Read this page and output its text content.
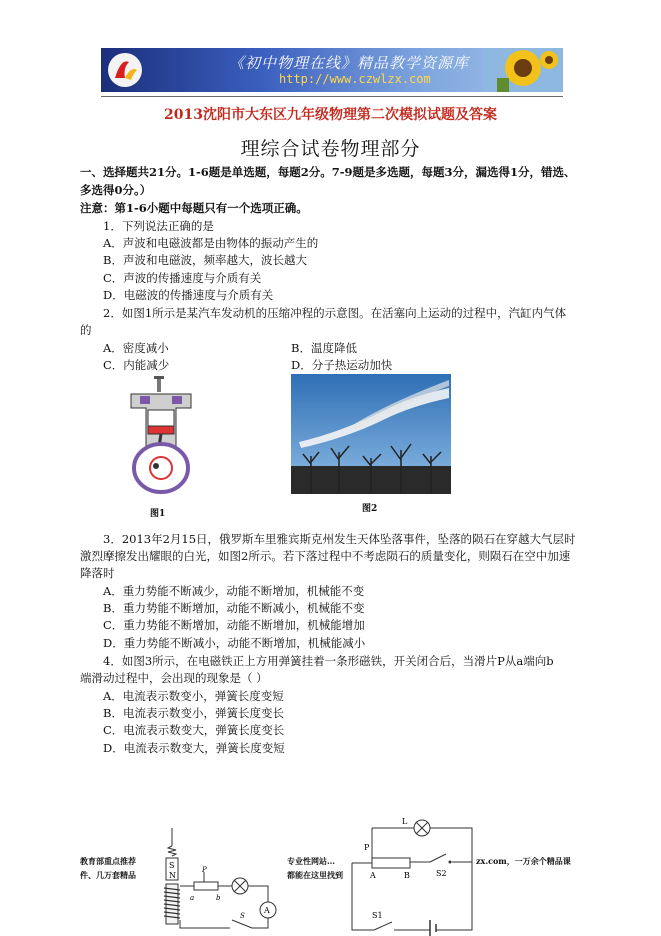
《初中物理在线》精品教学资源库
http://www.czwlzx.com
2013沈阳市大东区九年级物理第二次模拟试题及答案
理综合试卷物理部分
一、选择题共21分。1-6题是单选题，每题2分。7-9题是多选题，每题3分，漏选得1分，错选、
多选得0分。）
注意：第1-6小题中每题只有一个选项正确。
1．下列说法正确的是
A．声波和电磁波都是由物体的振动产生的
B．声波和电磁波，频率越大，波长越大
C．声波的传播速度与介质有关
D．电磁波的传播速度与介质有关
2．如图1所示是某汽车发动机的压缩冲程的示意图。在活塞向上运动的过程中，汽缸内气体
的
A．密度减小	B．温度降低
C．内能减少	D．分子热运动加快
图1	图2
3．2013年2月15日，俄罗斯车里雅宾斯克州发生天体坠落事件，坠落的陨石在穿越大气层时
激烈摩擦发出耀眼的白光，如图2所示。若下落过程中不考虑陨石的质量变化，则陨石在空中加速
降落时
A．重力势能不断减少，动能不断增加，机械能不变
B．重力势能不断增加，动能不断减小，机械能不变
C．重力势能不断增加，动能不断增加，机械能增加
D．重力势能不断减小，动能不断增加，机械能减小
4．如图3所示，在电磁铁正上方用弹簧挂着一条形磁铁，开关闭合后，当滑片P从a端向b
端滑动过程中，会出现的现象是（ ）
A．电流表示数变小，弹簧长度变短
B．电流表示数变小，弹簧长度变长
C．电流表示数变大，弹簧长度变长
D．电流表示数变大，弹簧长度变短
S
N
P
a	b
A
S
L
P
A	B	S2
S1
教育部重点推荐
件、几万套精品
专业性网站…
都能在这里找到
zx.com，一万余个精品课
